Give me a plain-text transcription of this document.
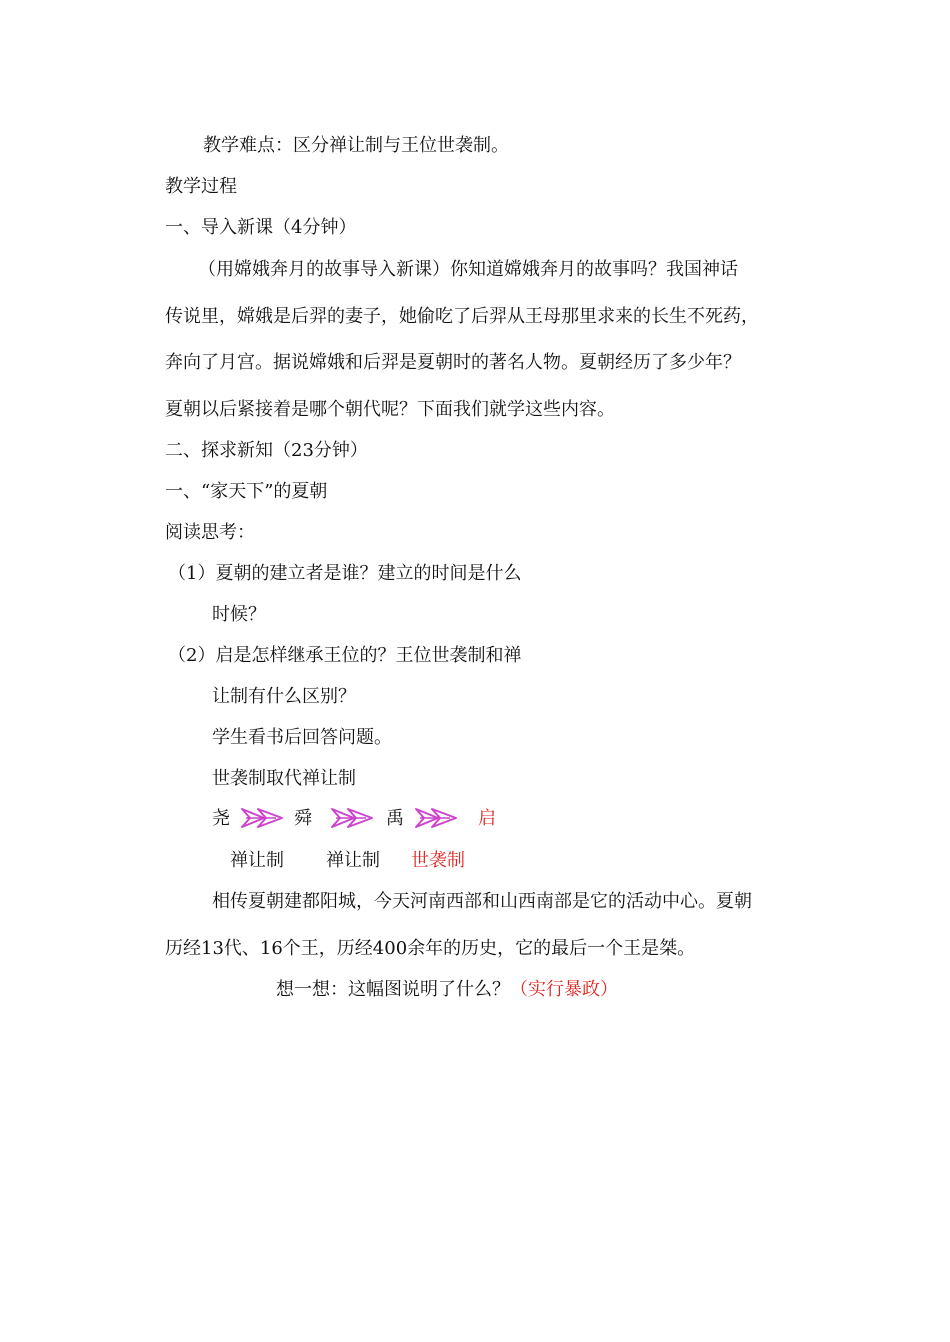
教学难点：区分禅让制与王位世袭制。
教学过程
一、导入新课（4分钟）
（用嫦娥奔月的故事导入新课）你知道嫦娥奔月的故事吗？我国神话
传说里，嫦娥是后羿的妻子，她偷吃了后羿从王母那里求来的长生不死药，
奔向了月宫。据说嫦娥和后羿是夏朝时的著名人物。夏朝经历了多少年？
夏朝以后紧接着是哪个朝代呢？下面我们就学这些内容。
二、探求新知（23分钟）
一、“家天下”的夏朝
阅读思考：
（1）夏朝的建立者是谁？建立的时间是什么
时候？
（2）启是怎样继承王位的？王位世袭制和禅
让制有什么区别？
学生看书后回答问题。
世袭制取代禅让制
尧	舜	禹	启
禅让制 禅让制 世袭制
相传夏朝建都阳城，今天河南西部和山西南部是它的活动中心。夏朝
历经13代、16个王，历经400余年的历史，它的最后一个王是桀。
想一想：这幅图说明了什么？（实行暴政）
